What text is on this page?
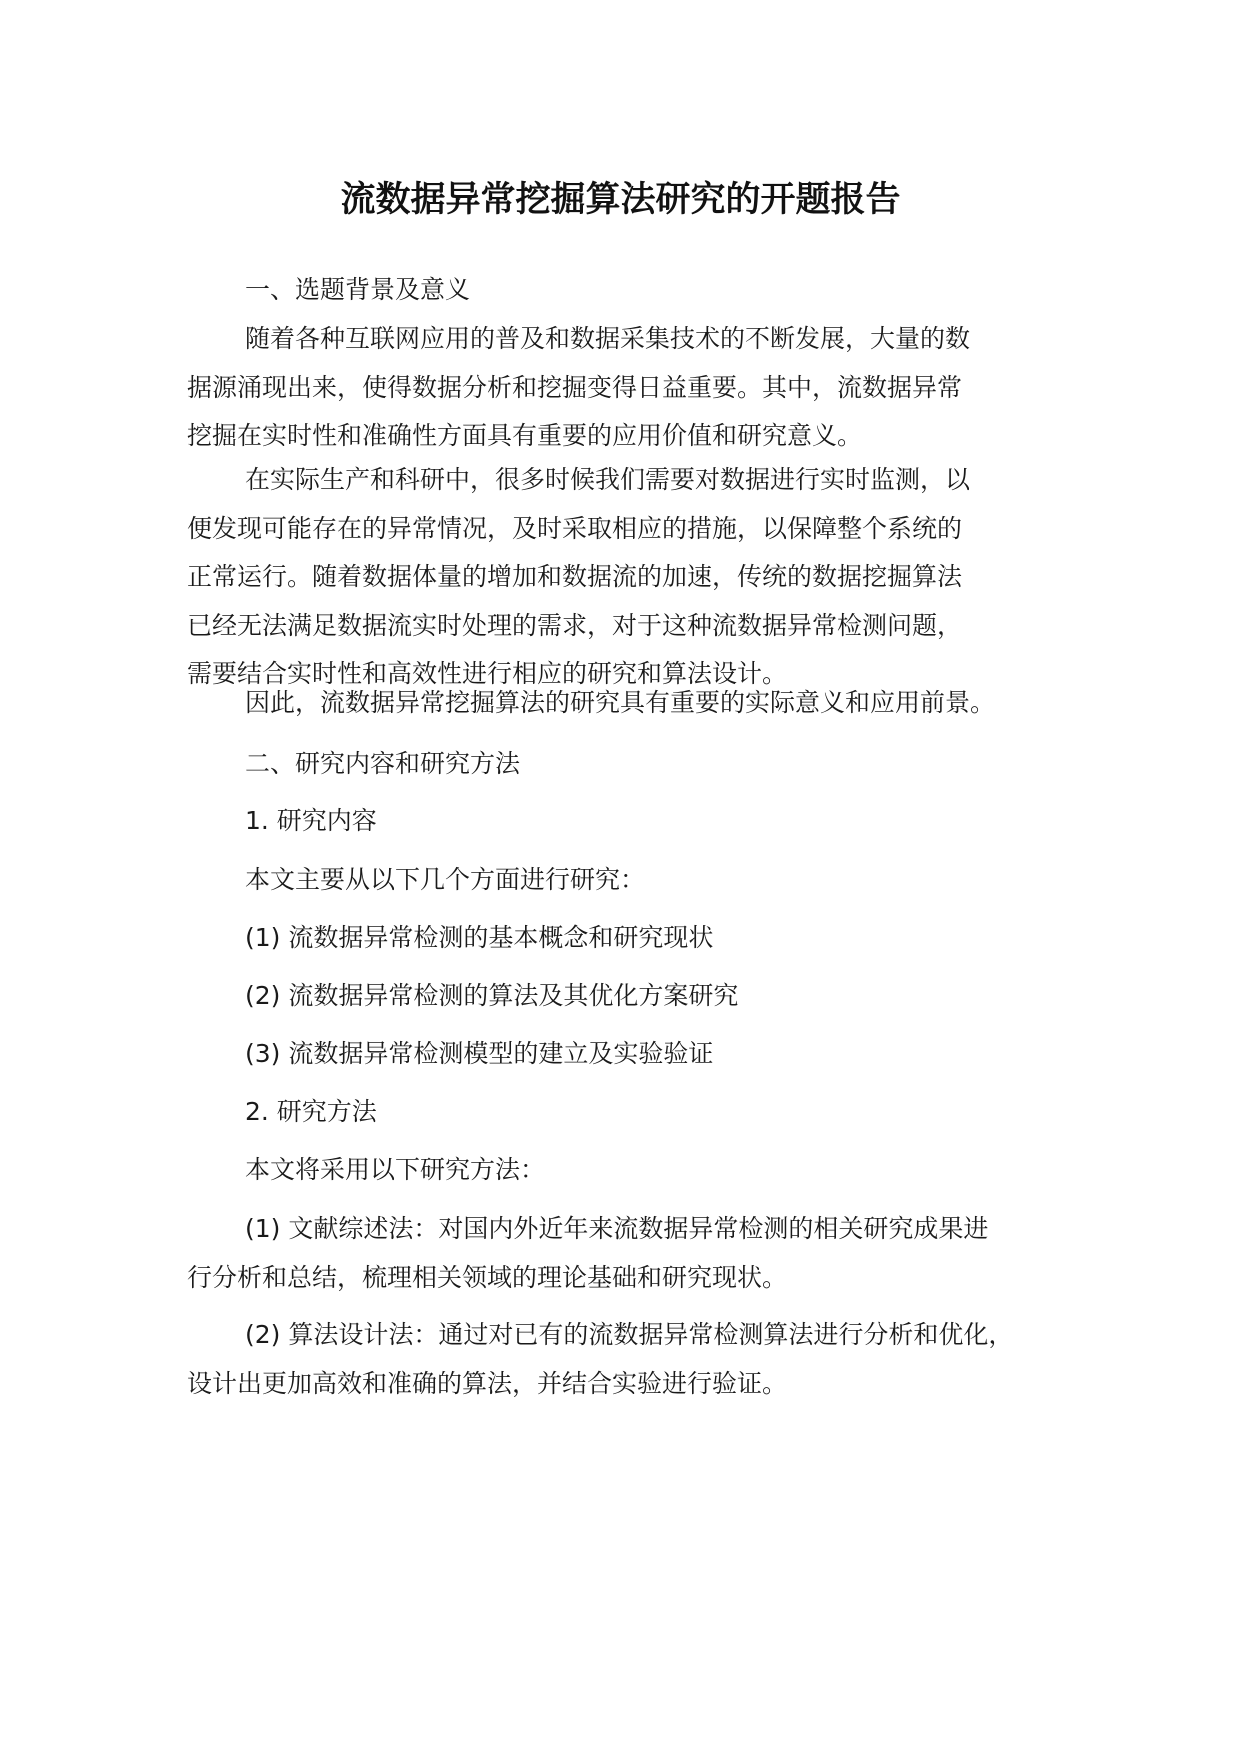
流数据异常挖掘算法研究的开题报告
一、选题背景及意义
随着各种互联网应用的普及和数据采集技术的不断发展，大量的数
据源涌现出来，使得数据分析和挖掘变得日益重要。其中，流数据异常
挖掘在实时性和准确性方面具有重要的应用价值和研究意义。
在实际生产和科研中，很多时候我们需要对数据进行实时监测，以
便发现可能存在的异常情况，及时采取相应的措施，以保障整个系统的
正常运行。随着数据体量的增加和数据流的加速，传统的数据挖掘算法
已经无法满足数据流实时处理的需求，对于这种流数据异常检测问题，
需要结合实时性和高效性进行相应的研究和算法设计。
因此，流数据异常挖掘算法的研究具有重要的实际意义和应用前景。
二、研究内容和研究方法
1. 研究内容
本文主要从以下几个方面进行研究：
(1) 流数据异常检测的基本概念和研究现状
(2) 流数据异常检测的算法及其优化方案研究
(3) 流数据异常检测模型的建立及实验验证
2. 研究方法
本文将采用以下研究方法：
(1) 文献综述法：对国内外近年来流数据异常检测的相关研究成果进
行分析和总结，梳理相关领域的理论基础和研究现状。
(2) 算法设计法：通过对已有的流数据异常检测算法进行分析和优化，
设计出更加高效和准确的算法，并结合实验进行验证。
